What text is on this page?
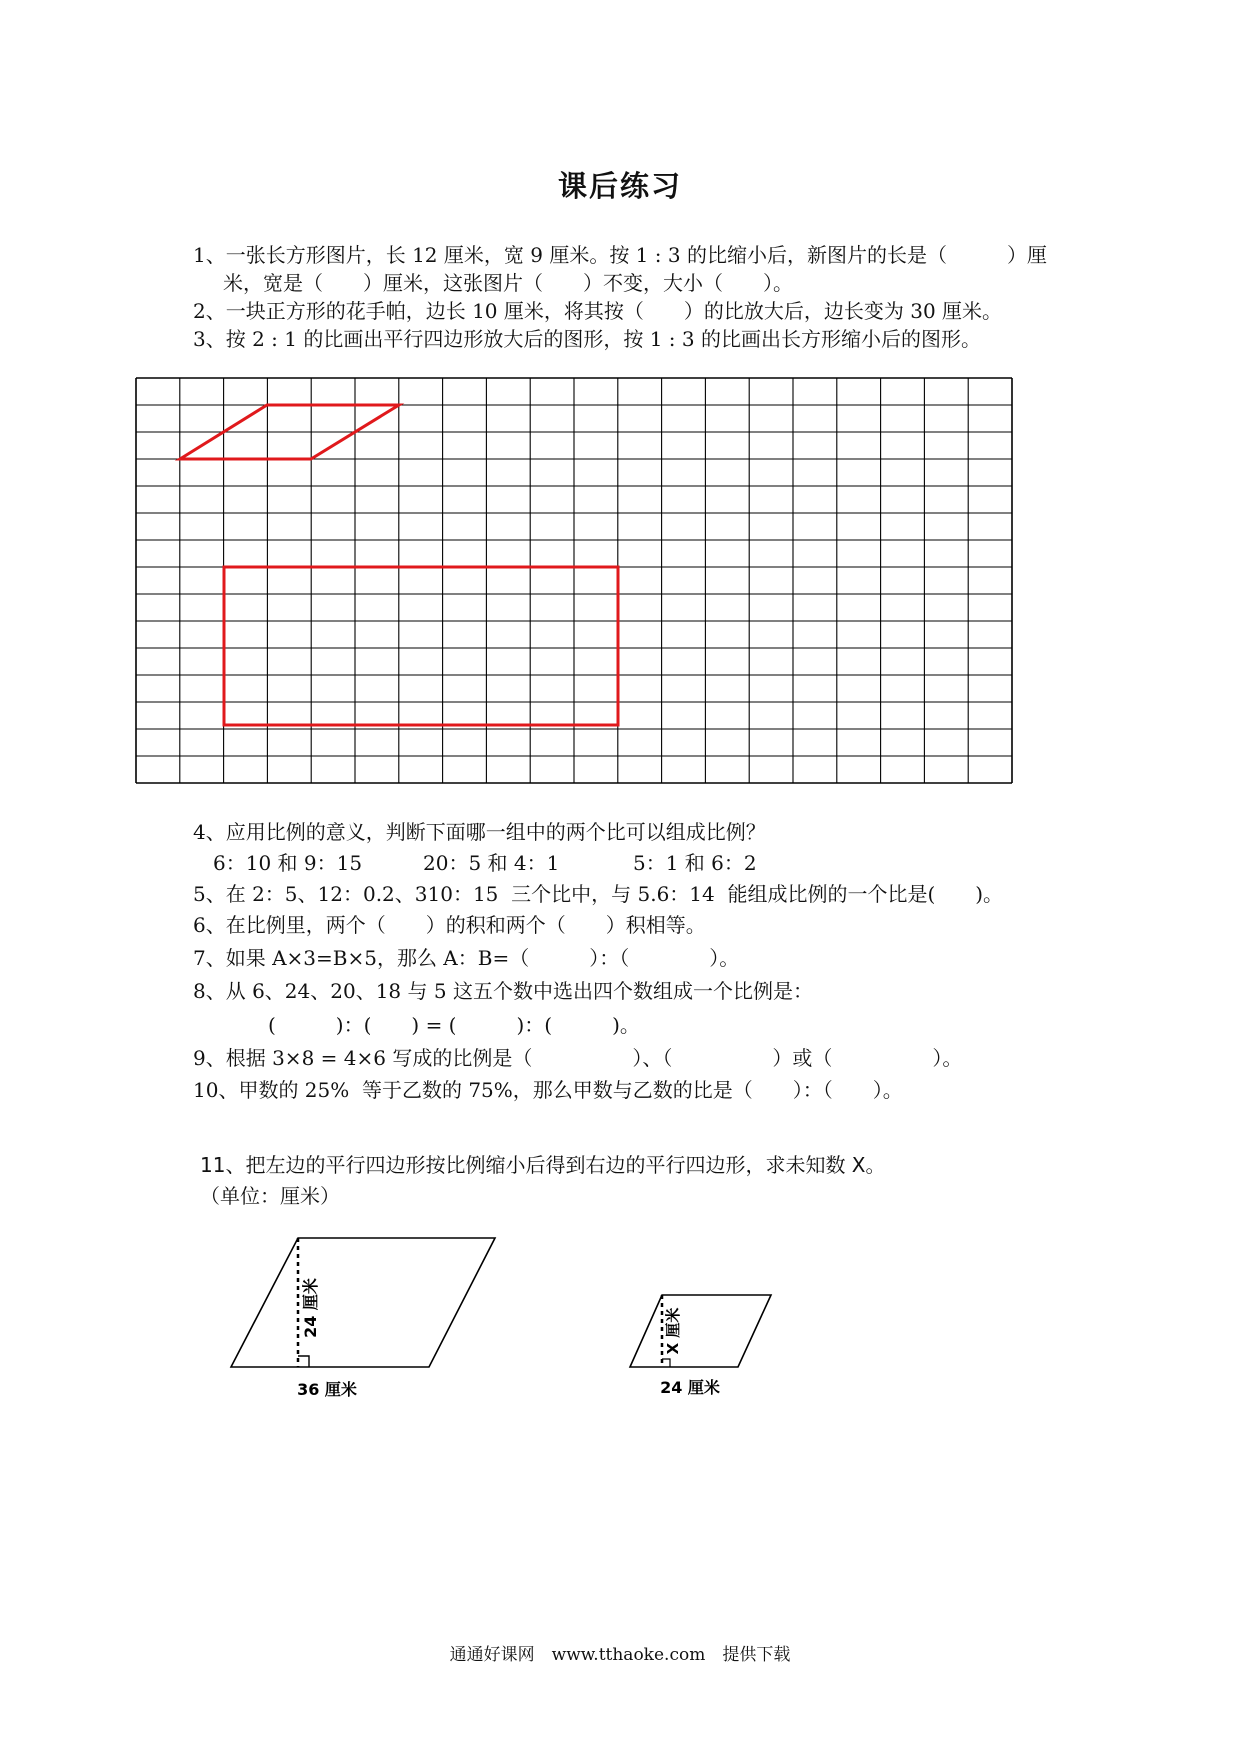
课后练习
1、一张长方形图片，长 12 厘米，宽 9 厘米。按 1 : 3 的比缩小后，新图片的长是（　　　）厘
米，宽是（　　）厘米，这张图片（　　）不变，大小（　　）。
2、一块正方形的花手帕，边长 10 厘米，将其按（　　）的比放大后，边长变为 30 厘米。
3、按 2 : 1 的比画出平行四边形放大后的图形，按 1 : 3 的比画出长方形缩小后的图形。
4、应用比例的意义，判断下面哪一组中的两个比可以组成比例？
6：10 和 9：15	20：5 和 4：1	5：1 和 6：2
5、在 2：5、12：0.2、310：15  三个比中，与 5.6：14  能组成比例的一个比是(　　)。
6、在比例里，两个（　　）的积和两个（　　）积相等。
7、如果 A×3=B×5，那么 A：B=（　　　）：（　　　　）。
8、从 6、24、20、18 与 5 这五个数中选出四个数组成一个比例是：
(　　　)：(　　) = (　　　)：(　　　)。
9、根据 3×8 = 4×6 写成的比例是（　　　　　）、（　　　　　）或（　　　　　）。
10、甲数的 25%  等于乙数的 75%，那么甲数与乙数的比是（　　）：（　　）。
11、把左边的平行四边形按比例缩小后得到右边的平行四边形，求未知数 X。
（单位：厘米）
24 厘米
36 厘米
X 厘米
24 厘米
通通好课网　www.tthaoke.com　提供下载
